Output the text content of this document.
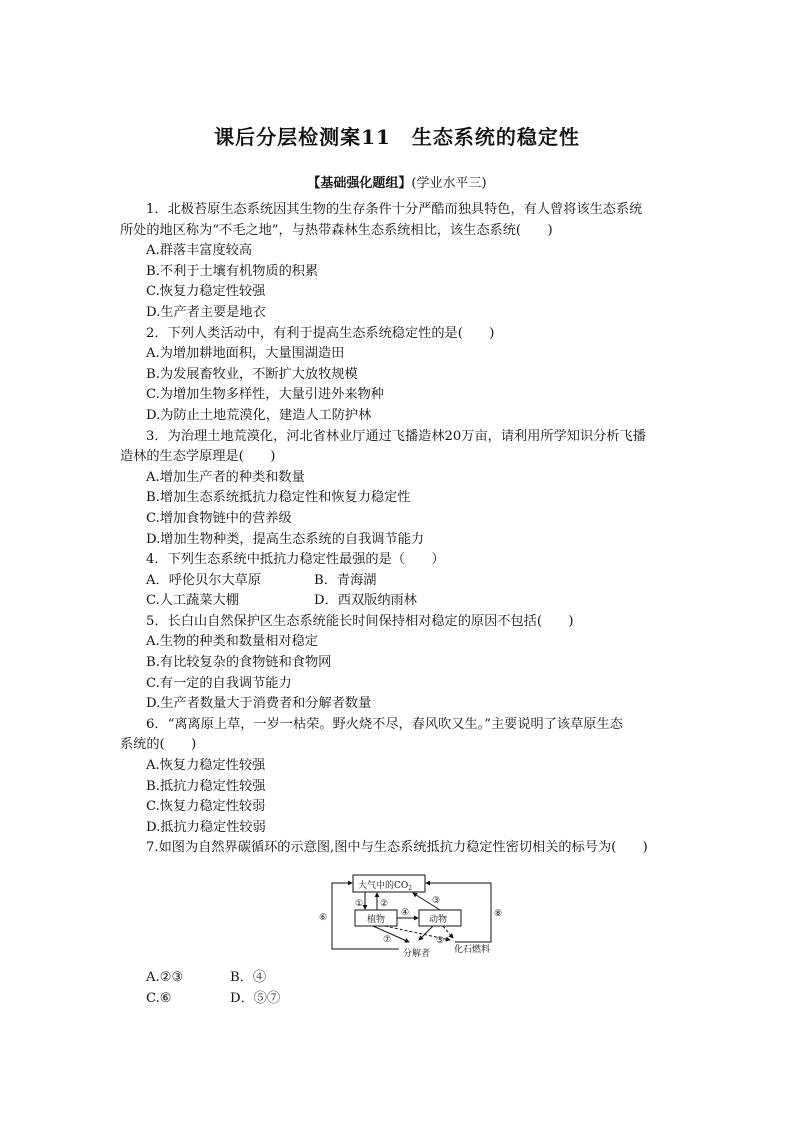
课后分层检测案11　生态系统的稳定性
【基础强化题组】(学业水平三)
1．北极苔原生态系统因其生物的生存条件十分严酷而独具特色，有人曾将该生态系统
所处的地区称为“不毛之地”，与热带森林生态系统相比，该生态系统(　　)
A.群落丰富度较高
B.不利于土壤有机物质的积累
C.恢复力稳定性较强
D.生产者主要是地衣
2．下列人类活动中，有利于提高生态系统稳定性的是(　　)
A.为增加耕地面积，大量围湖造田
B.为发展畜牧业，不断扩大放牧规模
C.为增加生物多样性，大量引进外来物种
D.为防止土地荒漠化，建造人工防护林
3．为治理土地荒漠化，河北省林业厅通过飞播造林20万亩，请利用所学知识分析飞播
造林的生态学原理是(　　)
A.增加生产者的种类和数量
B.增加生态系统抵抗力稳定性和恢复力稳定性
C.增加食物链中的营养级
D.增加生物种类，提高生态系统的自我调节能力
4．下列生态系统中抵抗力稳定性最强的是（　　）
A．呼伦贝尔大草原	B．青海湖
C.人工蔬菜大棚	D．西双版纳雨林
5．长白山自然保护区生态系统能长时间保持相对稳定的原因不包括(　　)
A.生物的种类和数量相对稳定
B.有比较复杂的食物链和食物网
C.有一定的自我调节能力
D.生产者数量大于消费者和分解者数量
6．“离离原上草，一岁一枯荣。野火烧不尽，春风吹又生。”主要说明了该草原生态
系统的(　　)
A.恢复力稳定性较强
B.抵抗力稳定性较强
C.恢复力稳定性较弱
D.抵抗力稳定性较弱
7.如图为自然界碳循环的示意图,图中与生态系统抵抗力稳定性密切相关的标号为(　　)
大气中的$CO_2$
植物	动物
分解者	化石燃料
① ②	③
④
⑤
⑥
⑦
⑧
A.②③	B．④
C.⑥	D．⑤⑦
